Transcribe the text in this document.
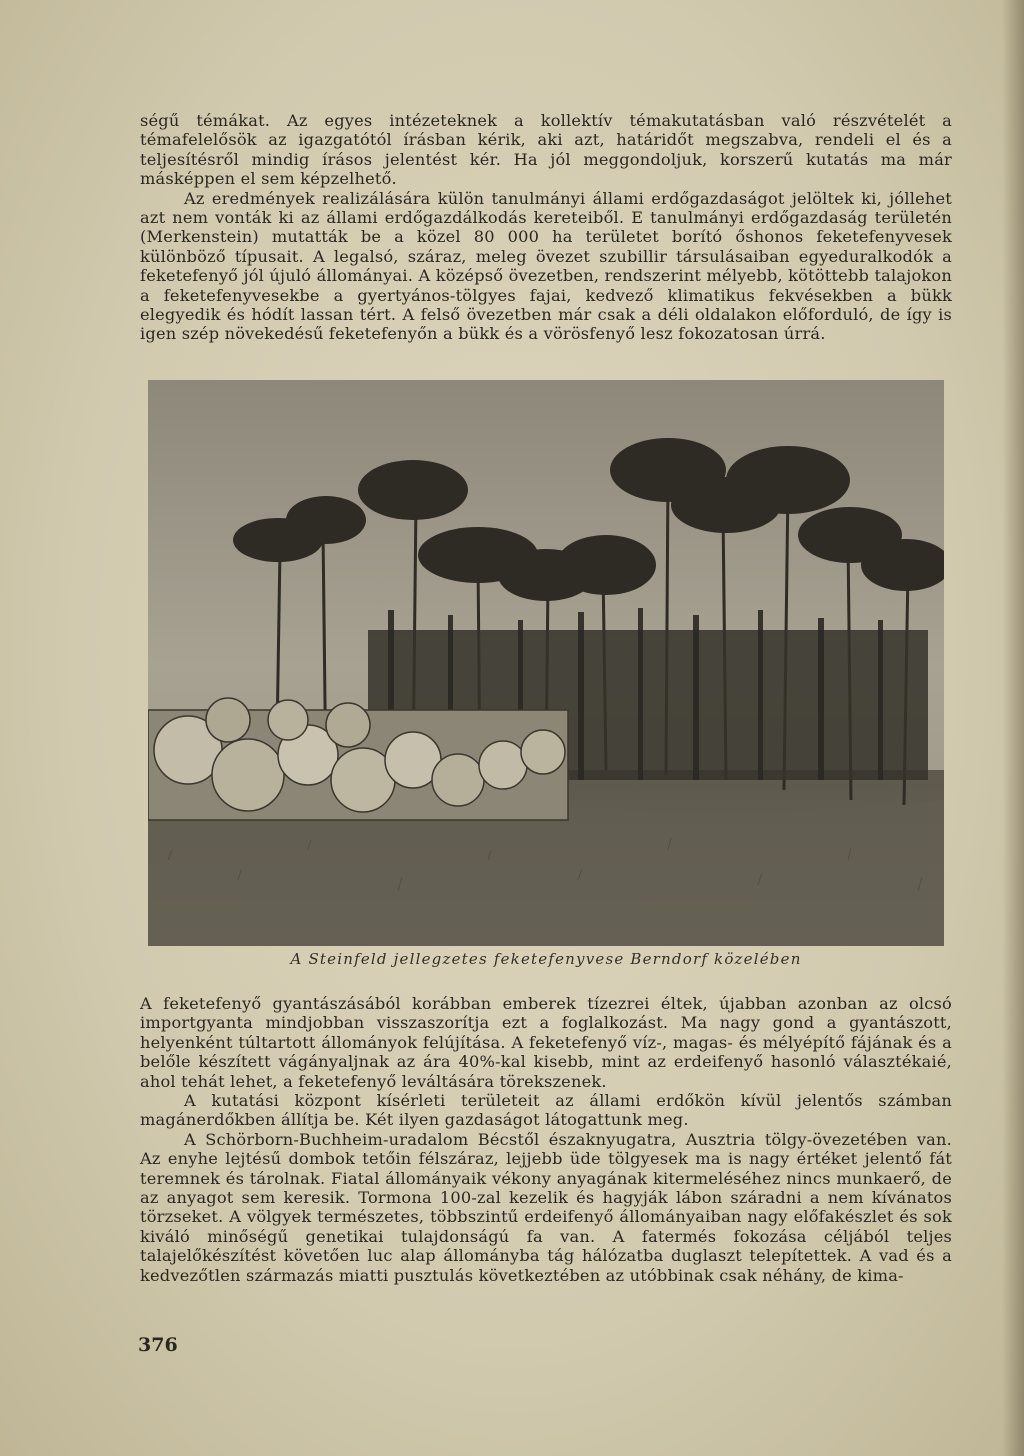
ségű témákat. Az egyes intézeteknek a kollektív témakutatásban való részvételét a témafelelősök az igazgatótól írásban kérik, aki azt, határidőt megszabva, rendeli el és a teljesítésről mindig írásos jelentést kér. Ha jól meggondoljuk, korszerű kutatás ma már másképpen el sem képzelhető.

Az eredmények realizálására külön tanulmányi állami erdőgazdaságot jelöltek ki, jóllehet azt nem vonták ki az állami erdőgazdálkodás kereteiből. E tanulmányi erdőgazdaság területén (Merkenstein) mutatták be a közel 80 000 ha területet borító őshonos feketefenyvesek különböző típusait. A legalsó, száraz, meleg övezet szubillir társulásaiban egyeduralkodók a feketefenyő jól újuló állományai. A középső övezetben, rendszerint mélyebb, kötöttebb talajokon a feketefenyvesekbe a gyertyános-tölgyes fajai, kedvező klimatikus fekvésekben a bükk elegyedik és hódít lassan tért. A felső övezetben már csak a déli oldalakon előforduló, de így is igen szép növekedésű feketefenyőn a bükk és a vörösfenyő lesz fokozatosan úrrá.

A Steinfeld jellegzetes feketefenyvese Berndorf közelében

A feketefenyő gyantászásából korábban emberek tízezrei éltek, újabban azonban az olcsó importgyanta mindjobban visszaszorítja ezt a foglalkozást. Ma nagy gond a gyantászott, helyenként túltartott állományok felújítása. A feketefenyő víz-, magas- és mélyépítő fájának és a belőle készített vágányaljnak az ára 40%-kal kisebb, mint az erdeifenyő hasonló választékaié, ahol tehát lehet, a feketefenyő leváltására törekszenek.

A kutatási központ kísérleti területeit az állami erdőkön kívül jelentős számban magánerdőkben állítja be. Két ilyen gazdaságot látogattunk meg.

A Schörborn-Buchheim-uradalom Bécstől északnyugatra, Ausztria tölgy-övezetében van. Az enyhe lejtésű dombok tetőin félszáraz, lejjebb üde tölgyesek ma is nagy értéket jelentő fát teremnek és tárolnak. Fiatal állományaik vékony anyagának kitermeléséhez nincs munkaerő, de az anyagot sem keresik. Tormona 100-zal kezelik és hagyják lábon száradni a nem kívánatos törzseket. A völgyek természetes, többszintű erdeifenyő állományaiban nagy előfakészlet és sok kiváló minőségű genetikai tulajdonságú fa van. A fatermés fokozása céljából teljes talajelőkészítést követően luc alap állományba tág hálózatba duglaszt telepítettek. A vad és a kedvezőtlen származás miatti pusztulás következtében az utóbbinak csak néhány, de kima-

376
